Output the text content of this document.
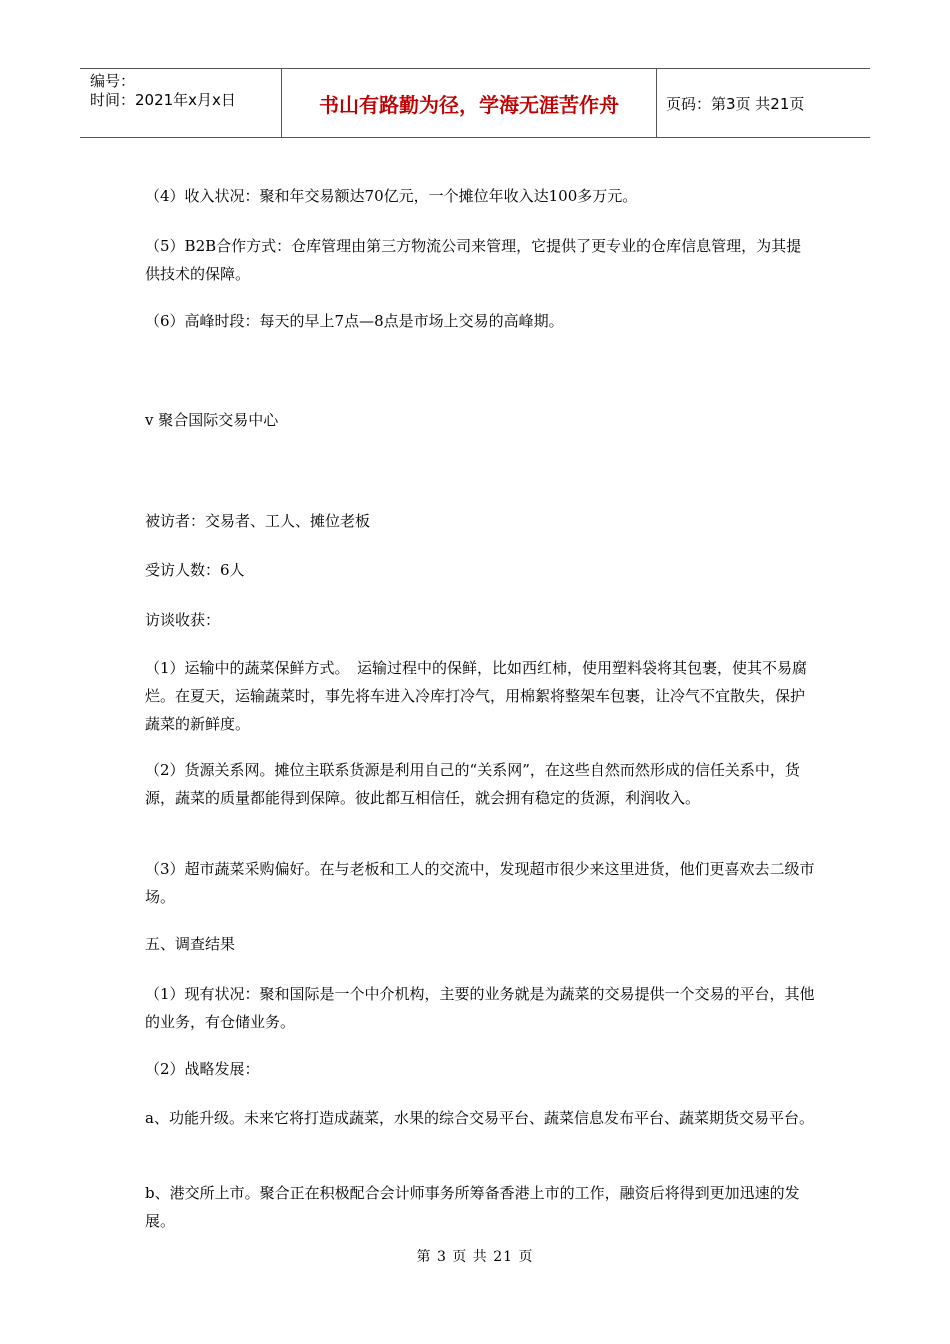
编号：
时间：2021年x月x日	书山有路勤为径，学海无涯苦作舟	页码：第3页 共21页

（4）收入状况：聚和年交易额达70亿元，一个摊位年收入达100多万元。

（5）B2B合作方式：仓库管理由第三方物流公司来管理，它提供了更专业的仓库信息管理，为其提供技术的保障。

（6）高峰时段：每天的早上7点—8点是市场上交易的高峰期。

v 聚合国际交易中心

被访者：交易者、工人、摊位老板

受访人数：6人

访谈收获：

（1）运输中的蔬菜保鲜方式。　运输过程中的保鲜，比如西红柿，使用塑料袋将其包裹，使其不易腐烂。在夏天，运输蔬菜时，事先将车进入冷库打冷气，用棉絮将整架车包裹，让冷气不宜散失，保护蔬菜的新鲜度。

（2）货源关系网。摊位主联系货源是利用自己的“关系网”，在这些自然而然形成的信任关系中，货源，蔬菜的质量都能得到保障。彼此都互相信任，就会拥有稳定的货源，利润收入。

（3）超市蔬菜采购偏好。在与老板和工人的交流中，发现超市很少来这里进货，他们更喜欢去二级市场。

五、调查结果

（1）现有状况：聚和国际是一个中介机构，主要的业务就是为蔬菜的交易提供一个交易的平台，其他的业务，有仓储业务。

（2）战略发展：

a、功能升级。未来它将打造成蔬菜，水果的综合交易平台、蔬菜信息发布平台、蔬菜期货交易平台。

b、港交所上市。聚合正在积极配合会计师事务所筹备香港上市的工作，融资后将得到更加迅速的发展。

第 3 页 共 21 页
